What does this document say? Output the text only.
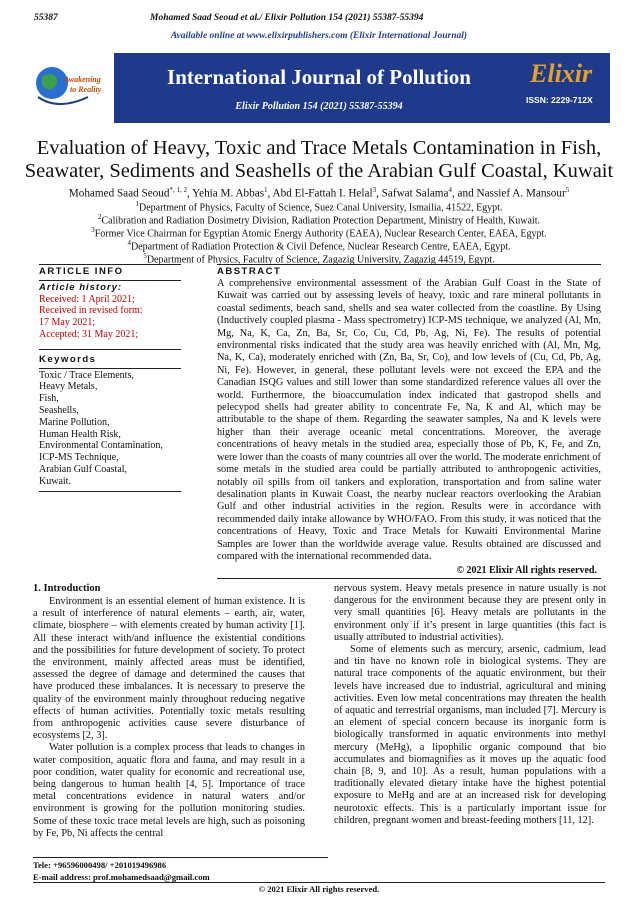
55387	Mohamed Saad Seoud et al./ Elixir Pollution 154 (2021) 55387-55394
Available online at www.elixirpublishers.com (Elixir International Journal)
Awakening
to Reality
International Journal of Pollution
Elixir Pollution 154 (2021) 55387-55394
Elixir
ISSN: 2229-712X
Evaluation of Heavy, Toxic and Trace Metals Contamination in Fish, Seawater, Sediments and Seashells of the Arabian Gulf Coastal, Kuwait
Mohamed Saad Seoud$^{*, 1, 2}$, Yehia M. Abbas$^1$, Abd El-Fattah I. Helal$^3$, Safwat Salama$^4$, and Nassief A. Mansour$^5$
$^1$Department of Physics, Faculty of Science, Suez Canal University, Ismailia, 41522, Egypt.
$^2$Calibration and Radiation Dosimetry Division, Radiation Protection Department, Ministry of Health, Kuwait.
$^3$Former Vice Chairman for Egyptian Atomic Energy Authority (EAEA), Nuclear Research Center, EAEA, Egypt.
$^4$Department of Radiation Protection & Civil Defence, Nuclear Research Centre, EAEA, Egypt.
$^5$Department of Physics, Faculty of Science, Zagazig University, Zagazig 44519, Egypt.
ARTICLE INFO
Article history:
Received: 1 April 2021;
Received in revised form:
17 May 2021;
Accepted: 31 May 2021;
Keywords
Toxic / Trace Elements,
Heavy Metals,
Fish,
Seashells,
Marine Pollution,
Human Health Risk,
Environmental Contamination,
ICP-MS Technique,
Arabian Gulf Coastal,
Kuwait.
ABSTRACT
A comprehensive environmental assessment of the Arabian Gulf Coast in the State of Kuwait was carried out by assessing levels of heavy, toxic and rare mineral pollutants in coastal sediments, beach sand, shells and sea water collected from the coastline. By Using (Inductively coupled plasma - Mass spectrometry) ICP-MS technique, we analyzed (Al, Mn, Mg, Na, K, Ca, Zn, Ba, Sr, Co, Cu, Cd, Pb, Ag, Ni, Fe). The results of potential environmental risks indicated that the study area was heavily enriched with (Al, Mn, Mg, Na, K, Ca), moderately enriched with (Zn, Ba, Sr, Co), and low levels of (Cu, Cd, Pb, Ag, Ni, Fe). However, in general, these pollutant levels were not exceed the EPA and the Canadian ISQG values and still lower than some standardized reference values all over the world. Furthermore, the bioaccumulation index indicated that gastropod shells and pelecypod shells had greater ability to concentrate Fe, Na, K and Al, which may be attributable to the shape of them. Regarding the seawater samples, Na and K levels were higher than their average oceanic metal concentrations. Moreover, the average concentrations of heavy metals in the studied area, especially those of Pb, K, Fe, and Zn, were lower than the coasts of many countries all over the world. The moderate enrichment of some metals in the studied area could be partially attributed to anthropogenic activities, notably oil spills from oil tankers and exploration, transportation and from saline water desalination plants in Kuwait Coast, the nearby nuclear reactors overlooking the Arabian Gulf and other industrial activities in the region. Results were in accordance with recommended daily intake allowance by WHO/FAO. From this study, it was noticed that the concentrations of Heavy, Toxic and Trace Metals for Kuwaiti Environmental Marine Samples are lower than the worldwide average value. Results obtained are discussed and compared with the international recommended data.
© 2021 Elixir All rights reserved.
1. Introduction

Environment is an essential element of human existence. It is a result of interference of natural elements – earth, air, water, climate, biosphere – with elements created by human activity [1]. All these interact with/and influence the existential conditions and the possibilities for future development of society. To protect the environment, mainly affected areas must be identified, assessed the degree of damage and determined the causes that have produced these imbalances. It is necessary to preserve the quality of the environment mainly throughout reducing negative effects of human activities. Potentially toxic metals resulting from anthropogenic activities cause severe disturbance of ecosystems [2, 3].

Water pollution is a complex process that leads to changes in water composition, aquatic flora and fauna, and may result in a poor condition, water quality for economic and recreational use, being dangerous to human health [4, 5]. Importance of trace metal concentrations evidence in natural waters and/or environment is growing for the pollution monitoring studies. Some of these toxic trace metal levels are high, such as poisoning by Fe, Pb, Ni affects the central

nervous system. Heavy metals presence in nature usually is not dangerous for the environment because they are present only in very small quantities [6]. Heavy metals are pollutants in the environment only if it’s present in large quantities (this fact is usually attributed to industrial activities).

Some of elements such as mercury, arsenic, cadmium, lead and tin have no known role in biological systems. They are natural trace components of the aquatic environment, but their levels have increased due to industrial, agricultural and mining activities. Even low metal concentrations may threaten the health of aquatic and terrestrial organisms, man included [7]. Mercury is an element of special concern because its inorganic form is biologically transformed in aquatic environments into methyl mercury (MeHg), a lipophilic organic compound that bio accumulates and biomagnifies as it moves up the aquatic food chain [8, 9, and 10]. As a result, human populations with a traditionally elevated dietary intake have the highest potential exposure to MeHg and are at an increased risk for developing neurotoxic effects. This is a particularly important issue for children, pregnant women and breast-feeding mothers [11, 12].

Tele: +96596000498/ +201019496986
E-mail address: prof.mohamedsaad@gmail.com
© 2021 Elixir All rights reserved.
